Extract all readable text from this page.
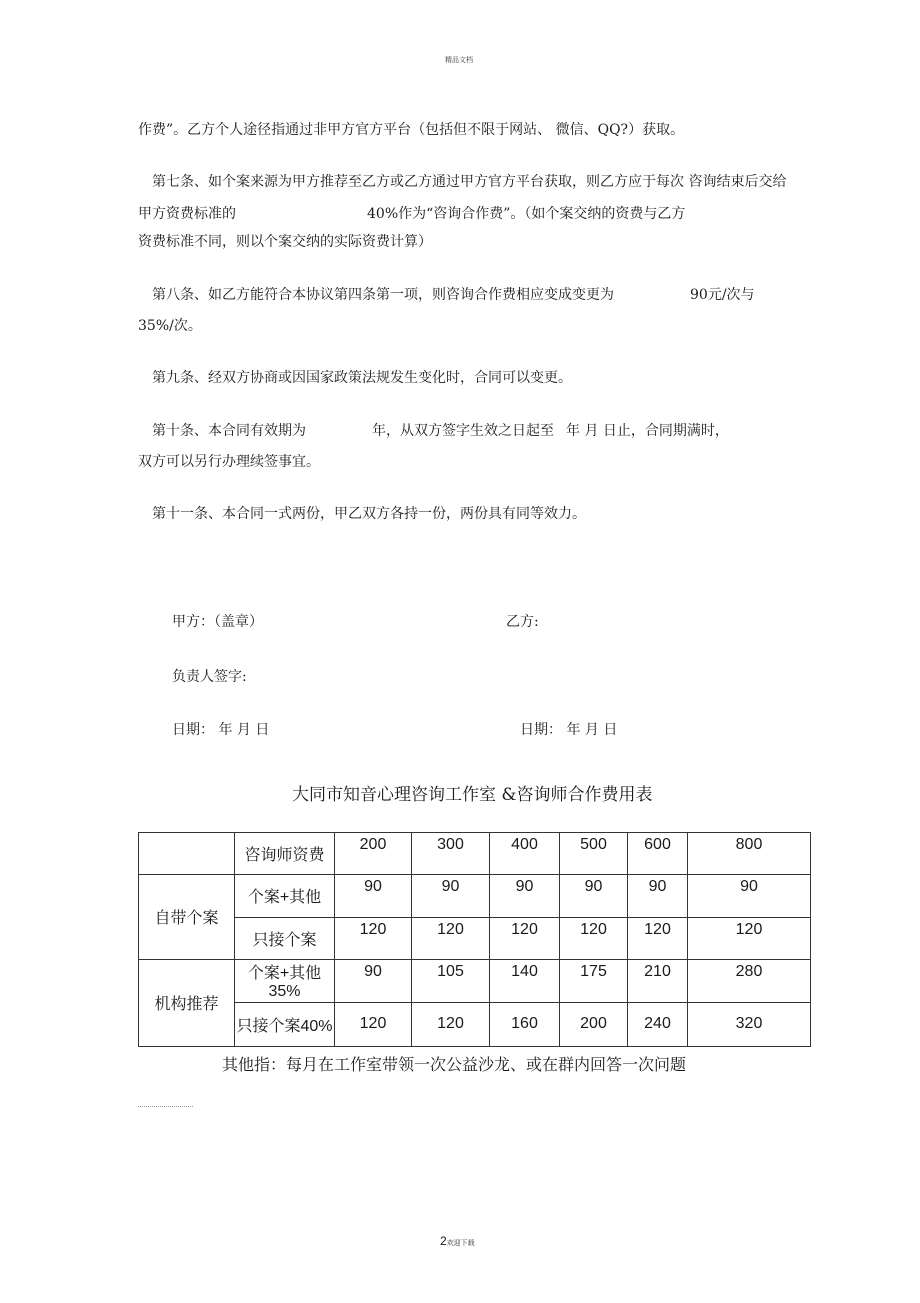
精品文档
作费”。乙方个人途径指通过非甲方官方平台（包括但不限于网站、 微信、QQ?）获取。
第七条、如个案来源为甲方推荐至乙方或乙方通过甲方官方平台获取，则乙方应于每次 咨询结束后交给
甲方资费标准的	40%作为“咨询合作费”。（如个案交纳的资费与乙方
资费标准不同，则以个案交纳的实际资费计算）
第八条、如乙方能符合本协议第四条第一项，则咨询合作费相应变成变更为	90元/次与
35%/次。
第九条、经双方协商或因国家政策法规发生变化时，合同可以变更。
第十条、本合同有效期为	年，从双方签字生效之日起至 年 月 日止，合同期满时，
双方可以另行办理续签事宜。
第十一条、本合同一式两份，甲乙双方各持一份，两份具有同等效力。
甲方：（盖章）	乙方:
负责人签字:
日期： 年 月 日	日期： 年 月 日
大同市知音心理咨询工作室 &咨询师合作费用表
	咨询师资费	200	300	400	500	600	800
自带个案	个案+其他	90	90	90	90	90	90
	只接个案	120	120	120	120	120	120
机构推荐	个案+其他35%	90	105	140	175	210	280
	只接个案40%	120	120	160	200	240	320
其他指：每月在工作室带领一次公益沙龙、或在群内回答一次问题
2欢迎下载
